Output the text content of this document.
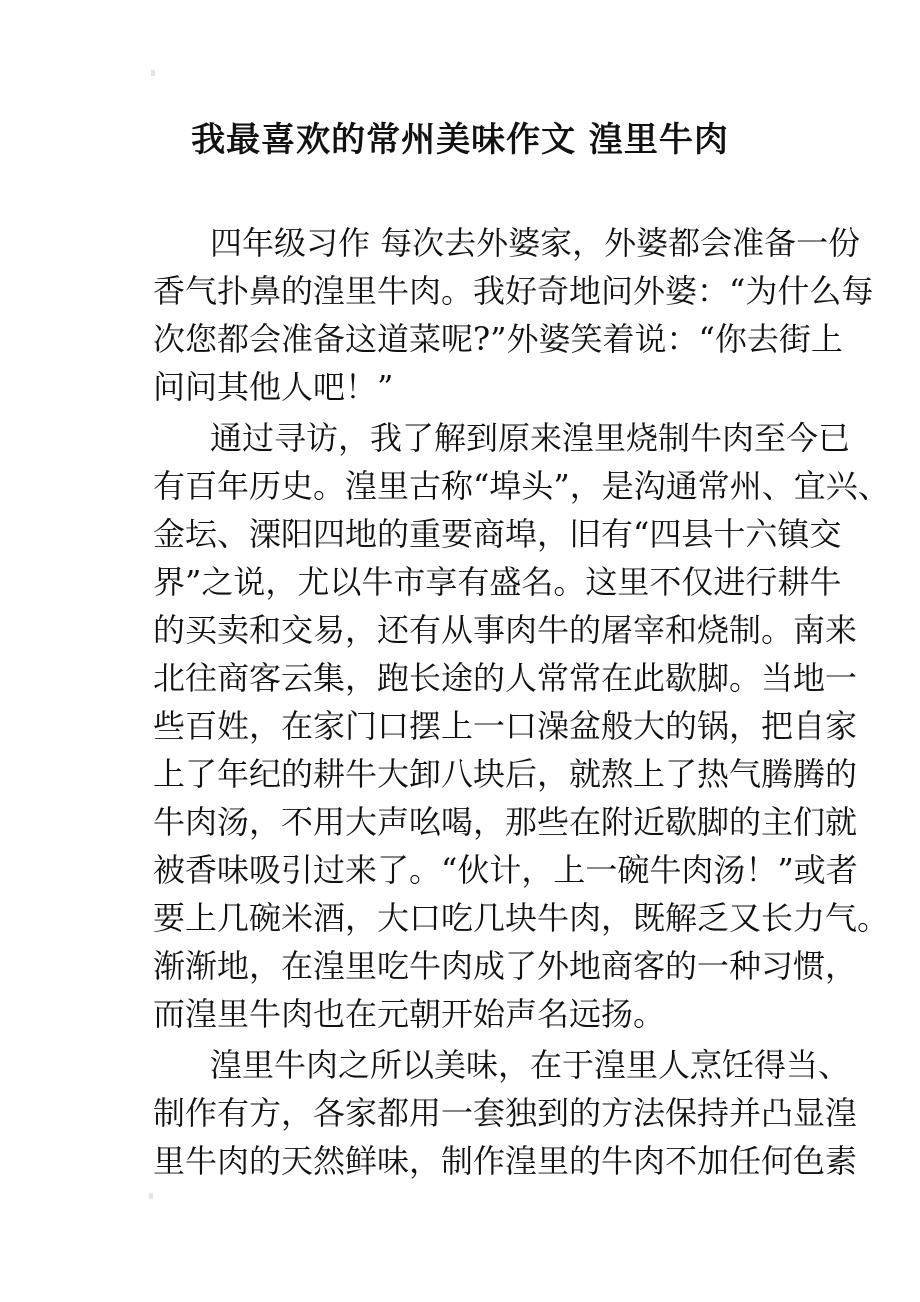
我最喜欢的常州美味作文 湟里牛肉
四年级习作 每次去外婆家，外婆都会准备一份
香气扑鼻的湟里牛肉。我好奇地问外婆：“为什么每
次您都会准备这道菜呢?”外婆笑着说：“你去街上
问问其他人吧！”
通过寻访，我了解到原来湟里烧制牛肉至今已
有百年历史。湟里古称“埠头”，是沟通常州、宜兴、
金坛、溧阳四地的重要商埠，旧有“四县十六镇交
界”之说，尤以牛市享有盛名。这里不仅进行耕牛
的买卖和交易，还有从事肉牛的屠宰和烧制。南来
北往商客云集，跑长途的人常常在此歇脚。当地一
些百姓，在家门口摆上一口澡盆般大的锅，把自家
上了年纪的耕牛大卸八块后，就熬上了热气腾腾的
牛肉汤，不用大声吆喝，那些在附近歇脚的主们就
被香味吸引过来了。“伙计，上一碗牛肉汤！”或者
要上几碗米酒，大口吃几块牛肉，既解乏又长力气。
渐渐地，在湟里吃牛肉成了外地商客的一种习惯，
而湟里牛肉也在元朝开始声名远扬。
湟里牛肉之所以美味，在于湟里人烹饪得当、
制作有方，各家都用一套独到的方法保持并凸显湟
里牛肉的天然鲜味，制作湟里的牛肉不加任何色素
